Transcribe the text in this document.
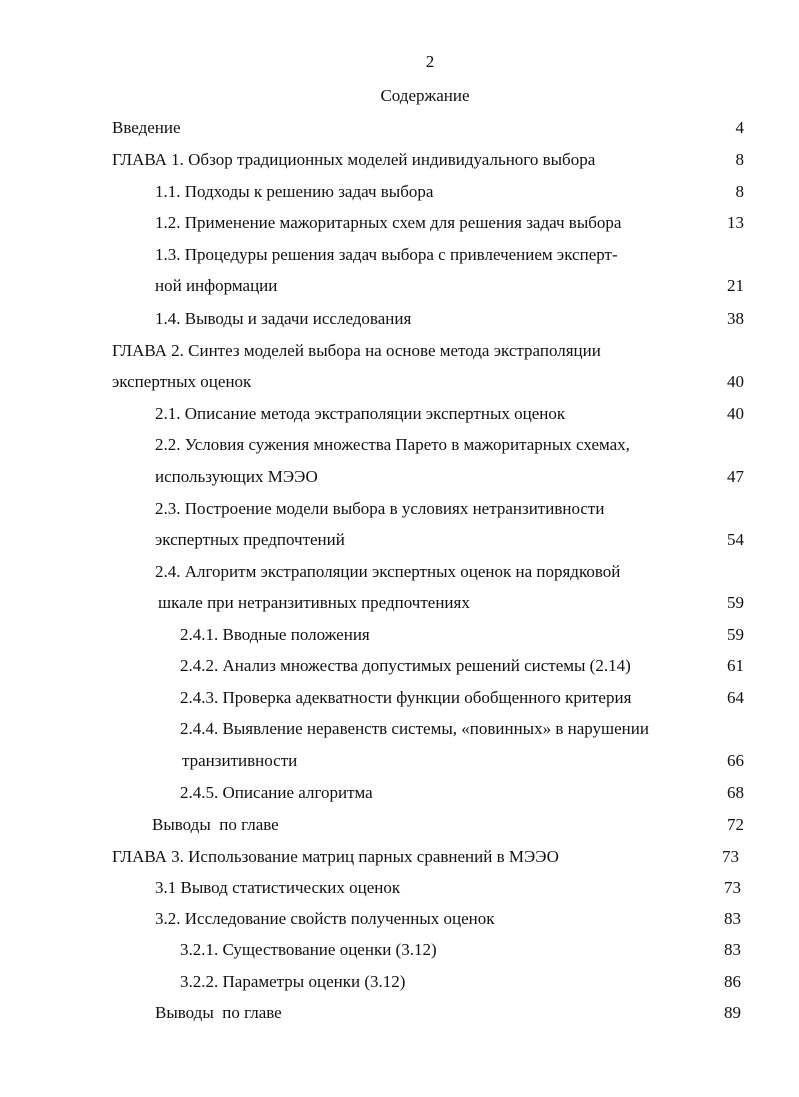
2
Содержание
Введение	4
ГЛАВА 1. Обзор традиционных моделей индивидуального выбора	8
1.1. Подходы к решению задач выбора	8
1.2. Применение мажоритарных схем для решения задач выбора	13
1.3. Процедуры решения задач выбора с привлечением эксперт-
ной информации	21
1.4. Выводы и задачи исследования	38
ГЛАВА 2. Синтез моделей выбора на основе метода экстраполяции
экспертных оценок	40
2.1. Описание метода экстраполяции экспертных оценок	40
2.2. Условия сужения множества Парето в мажоритарных схемах,
использующих МЭЭО	47
2.3. Построение модели выбора в условиях нетранзитивности
экспертных предпочтений	54
2.4. Алгоритм экстраполяции экспертных оценок на порядковой
шкале при нетранзитивных предпочтениях	59
2.4.1. Вводные положения	59
2.4.2. Анализ множества допустимых решений системы (2.14)	61
2.4.3. Проверка адекватности функции обобщенного критерия	64
2.4.4. Выявление неравенств системы, «повинных» в нарушении
транзитивности	66
2.4.5. Описание алгоритма	68
Выводы  по главе	72
ГЛАВА 3. Использование матриц парных сравнений в МЭЭО	73
3.1 Вывод статистических оценок	73
3.2. Исследование свойств полученных оценок	83
3.2.1. Существование оценки (3.12)	83
3.2.2. Параметры оценки (3.12)	86
Выводы  по главе	89
